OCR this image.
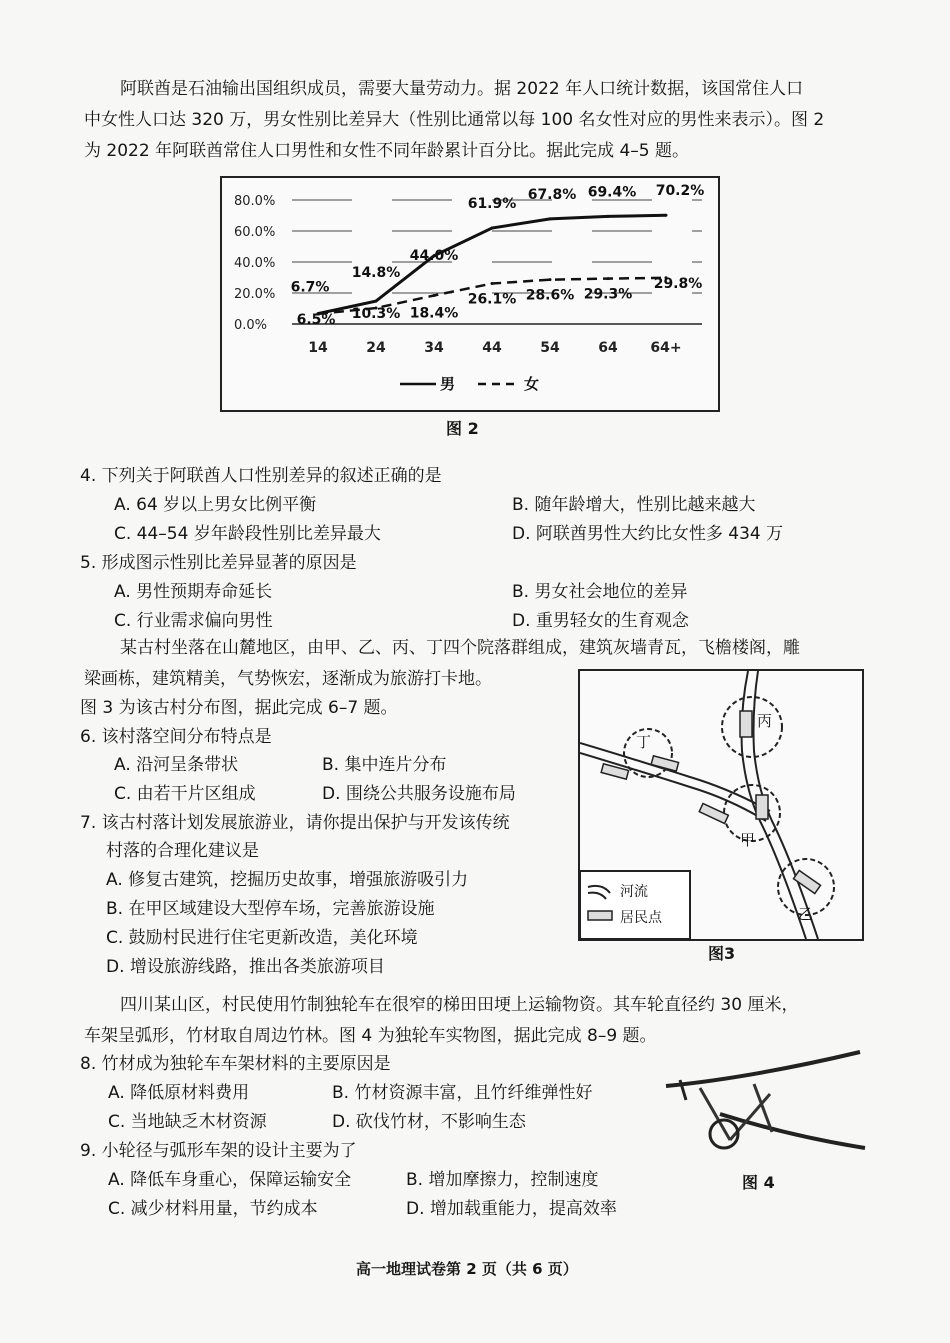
阿联酋是石油输出国组织成员，需要大量劳动力。据 2022 年人口统计数据，该国常住人口
中女性人口达 320 万，男女性别比差异大（性别比通常以每 100 名女性对应的男性来表示）。图 2
为 2022 年阿联酋常住人口男性和女性不同年龄累计百分比。据此完成 4–5 题。
80.0%
60.0%
40.0%
20.0%
0.0%
14	24	34	44	54	64 64+
6.7%
14.8%
44.0%
61.9%
67.8% 69.4% 70.2%
6.5% 10.3% 18.4%
26.1% 28.6% 29.3%
29.8%
男	女
图 2
4. 下列关于阿联酋人口性别差异的叙述正确的是
A. 64 岁以上男女比例平衡	B. 随年龄增大，性别比越来越大
C. 44–54 岁年龄段性别比差异最大	D. 阿联酋男性大约比女性多 434 万
5. 形成图示性别比差异显著的原因是
A. 男性预期寿命延长	B. 男女社会地位的差异
C. 行业需求偏向男性	D. 重男轻女的生育观念
某古村坐落在山麓地区，由甲、乙、丙、丁四个院落群组成，建筑灰墙青瓦，飞檐楼阁，雕
梁画栋，建筑精美，气势恢宏，逐渐成为旅游打卡地。
图 3 为该古村分布图，据此完成 6–7 题。
6. 该村落空间分布特点是
A. 沿河呈条带状	B. 集中连片分布
C. 由若干片区组成	D. 围绕公共服务设施布局
7. 该古村落计划发展旅游业，请你提出保护与开发该传统
村落的合理化建议是
A. 修复古建筑，挖掘历史故事，增强旅游吸引力
B. 在甲区域建设大型停车场，完善旅游设施
C. 鼓励村民进行住宅更新改造，美化环境
D. 增设旅游线路，推出各类旅游项目
丙
丁
甲
乙
河流
居民点
图3
四川某山区，村民使用竹制独轮车在很窄的梯田田埂上运输物资。其车轮直径约 30 厘米，
车架呈弧形，竹材取自周边竹林。图 4 为独轮车实物图，据此完成 8–9 题。
8. 竹材成为独轮车车架材料的主要原因是
A. 降低原材料费用	B. 竹材资源丰富，且竹纤维弹性好
C. 当地缺乏木材资源	D. 砍伐竹材，不影响生态
9. 小轮径与弧形车架的设计主要为了
A. 降低车身重心，保障运输安全	B. 增加摩擦力，控制速度
C. 减少材料用量，节约成本	D. 增加载重能力，提高效率
图 4
高一地理试卷第 2 页（共 6 页）
